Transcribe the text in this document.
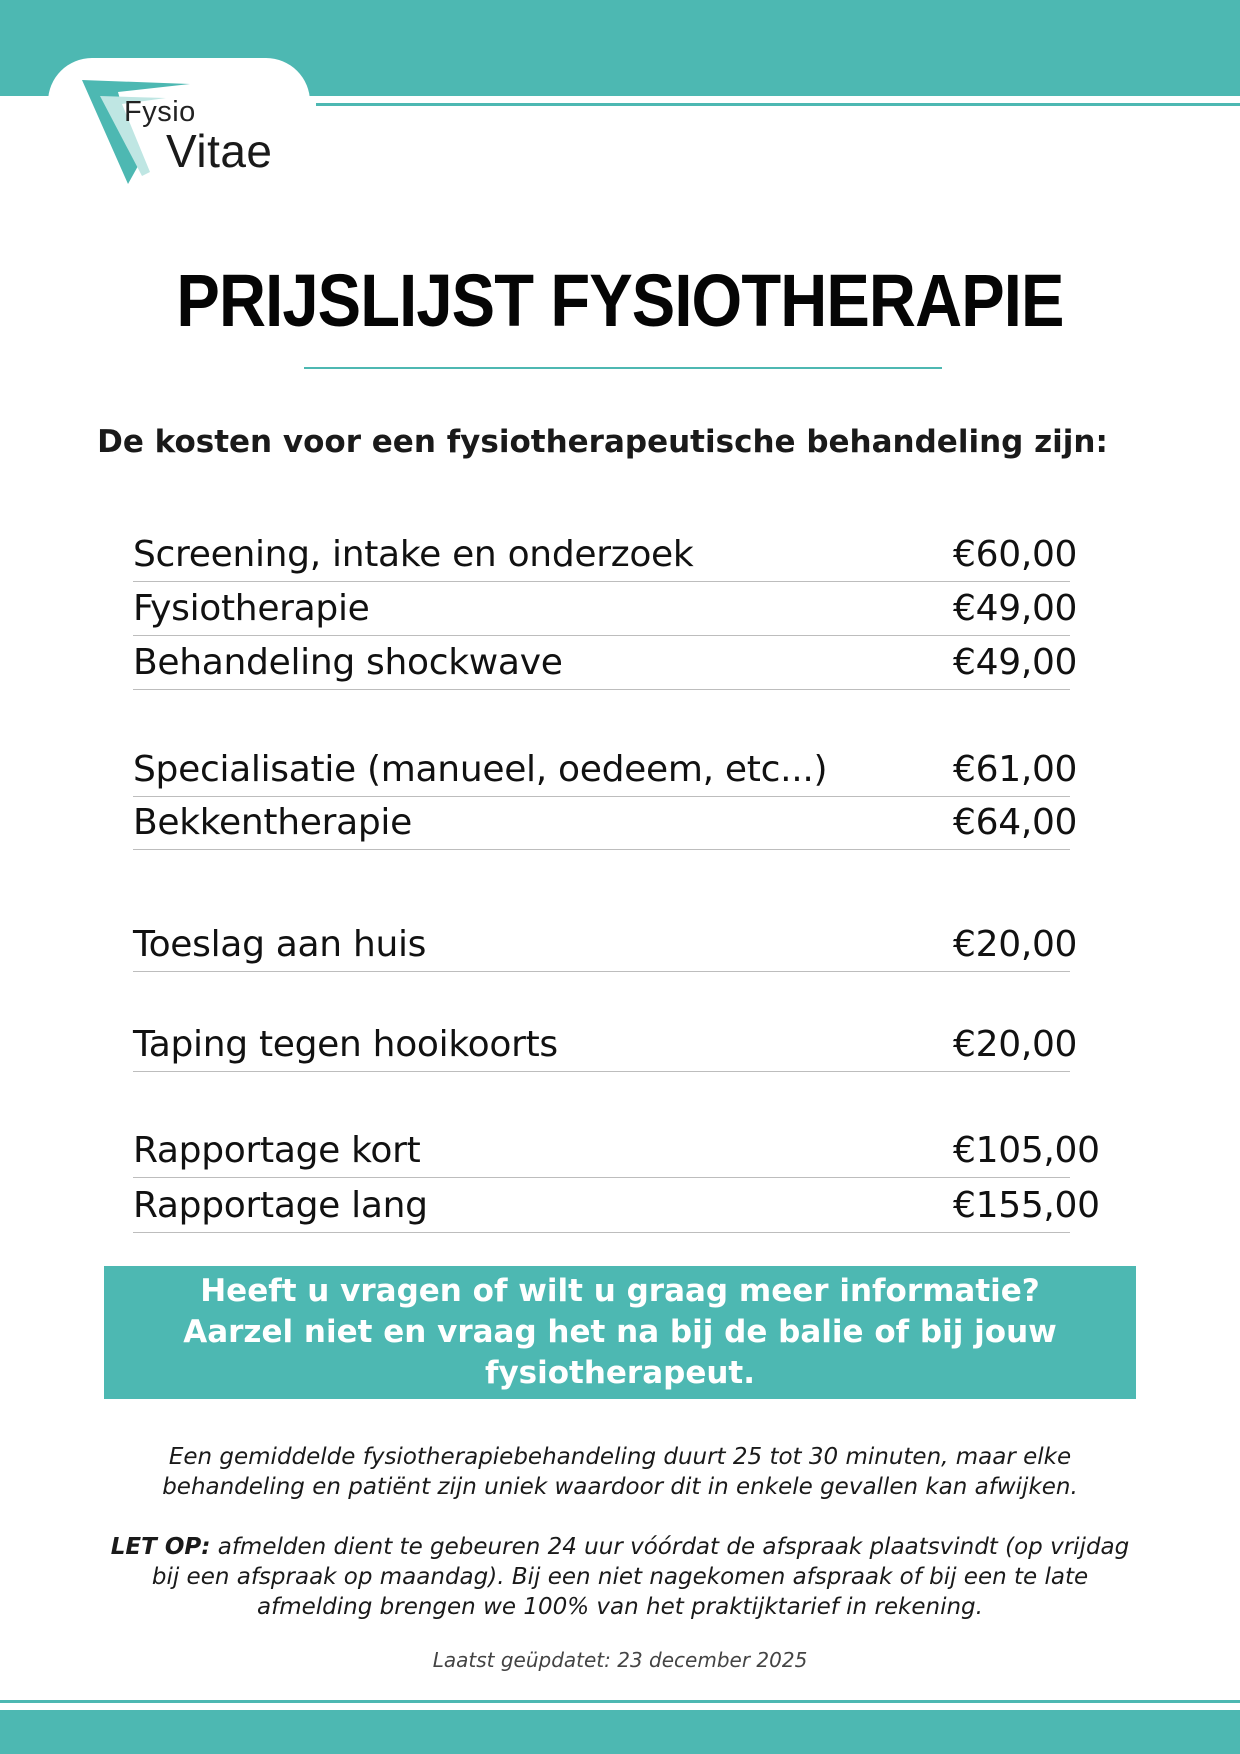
Fysio
Vitae
PRIJSLIJST FYSIOTHERAPIE
De kosten voor een fysiotherapeutische behandeling zijn:
Screening, intake en onderzoek	€60,00
Fysiotherapie	€49,00
Behandeling shockwave	€49,00
Specialisatie (manueel, oedeem, etc...)	€61,00
Bekkentherapie	€64,00
Toeslag aan huis	€20,00
Taping tegen hooikoorts	€20,00
Rapportage kort	€105,00
Rapportage lang	€155,00
Heeft u vragen of wilt u graag meer informatie? Aarzel niet en vraag het na bij de balie of bij jouw fysiotherapeut.
Een gemiddelde fysiotherapiebehandeling duurt 25 tot 30 minuten, maar elke behandeling en patiënt zijn uniek waardoor dit in enkele gevallen kan afwijken.
LET OP: afmelden dient te gebeuren 24 uur vóórdat de afspraak plaatsvindt (op vrijdag bij een afspraak op maandag). Bij een niet nagekomen afspraak of bij een te late afmelding brengen we 100% van het praktijktarief in rekening.
Laatst geüpdatet: 23 december 2025
